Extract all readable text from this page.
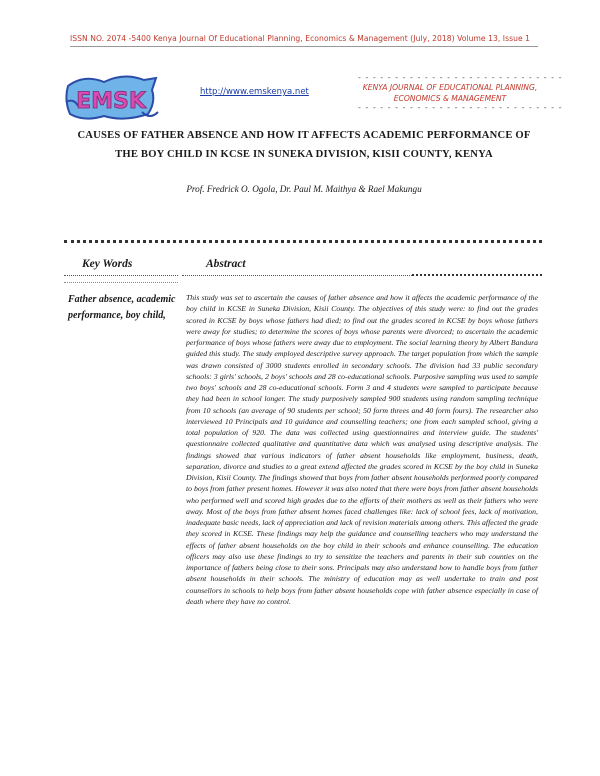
ISSN NO. 2074 -5400 Kenya Journal Of Educational Planning, Economics & Management (July, 2018) Volume 13, Issue 1
EMSK	http://www.emskenya.net
- - - - - - - - - - - - - - - - - - - - - - - - - - - -
KENYA JOURNAL OF EDUCATIONAL PLANNING,
ECONOMICS & MANAGEMENT
- - - - - - - - - - - - - - - - - - - - - - - - - - - -
CAUSES OF FATHER ABSENCE AND HOW IT AFFECTS ACADEMIC PERFORMANCE OF THE BOY CHILD IN KCSE IN SUNEKA DIVISION, KISII COUNTY, KENYA
Prof. Fredrick O. Ogola, Dr. Paul M. Maithya & Rael Makungu
Key Words	Abstract
Father absence, academic performance, boy child,
This study was set to ascertain the causes of father absence and how it affects the academic performance of the boy child in KCSE in Suneka Division, Kisii County. The objectives of this study were: to find out the grades scored in KCSE by boys whose fathers had died; to find out the grades scored in KCSE by boys whose fathers were away for studies; to determine the scores of boys whose parents were divorced; to ascertain the academic performance of boys whose fathers were away due to employment. The social learning theory by Albert Bandura guided this study. The study employed descriptive survey approach. The target population from which the sample was drawn consisted of 3000 students enrolled in secondary schools. The division had 33 public secondary schools: 3 girls' schools, 2 boys' schools and 28 co-educational schools. Purposive sampling was used to sample two boys' schools and 28 co-educational schools. Form 3 and 4 students were sampled to participate because they had been in school longer. The study purposively sampled 900 students using random sampling technique from 10 schools (an average of 90 students per school; 50 form threes and 40 form fours). The researcher also interviewed 10 Principals and 10 guidance and counselling teachers; one from each sampled school, giving a total population of 920. The data was collected using questionnaires and interview guide. The students' questionnaire collected qualitative and quantitative data which was analysed using descriptive analysis. The findings showed that various indicators of father absent households like employment, business, death, separation, divorce and studies to a great extend affected the grades scored in KCSE by the boy child in Suneka Division, Kisii County. The findings showed that boys from father absent households performed poorly compared to boys from father present homes. However it was also noted that there were boys from father absent households who performed well and scored high grades due to the efforts of their mothers as well as their fathers who were away. Most of the boys from father absent homes faced challenges like: lack of school fees, lack of motivation, inadequate basic needs, lack of appreciation and lack of revision materials among others. This affected the grade they scored in KCSE. These findings may help the guidance and counselling teachers who may understand the effects of father absent households on the boy child in their schools and enhance counselling. The education officers may also use these findings to try to sensitize the teachers and parents in their sub counties on the importance of fathers being close to their sons. Principals may also understand how to handle boys from father absent households in their schools. The ministry of education may as well undertake to train and post counsellors in schools to help boys from father absent households cope with father absence especially in case of death where they have no control.
